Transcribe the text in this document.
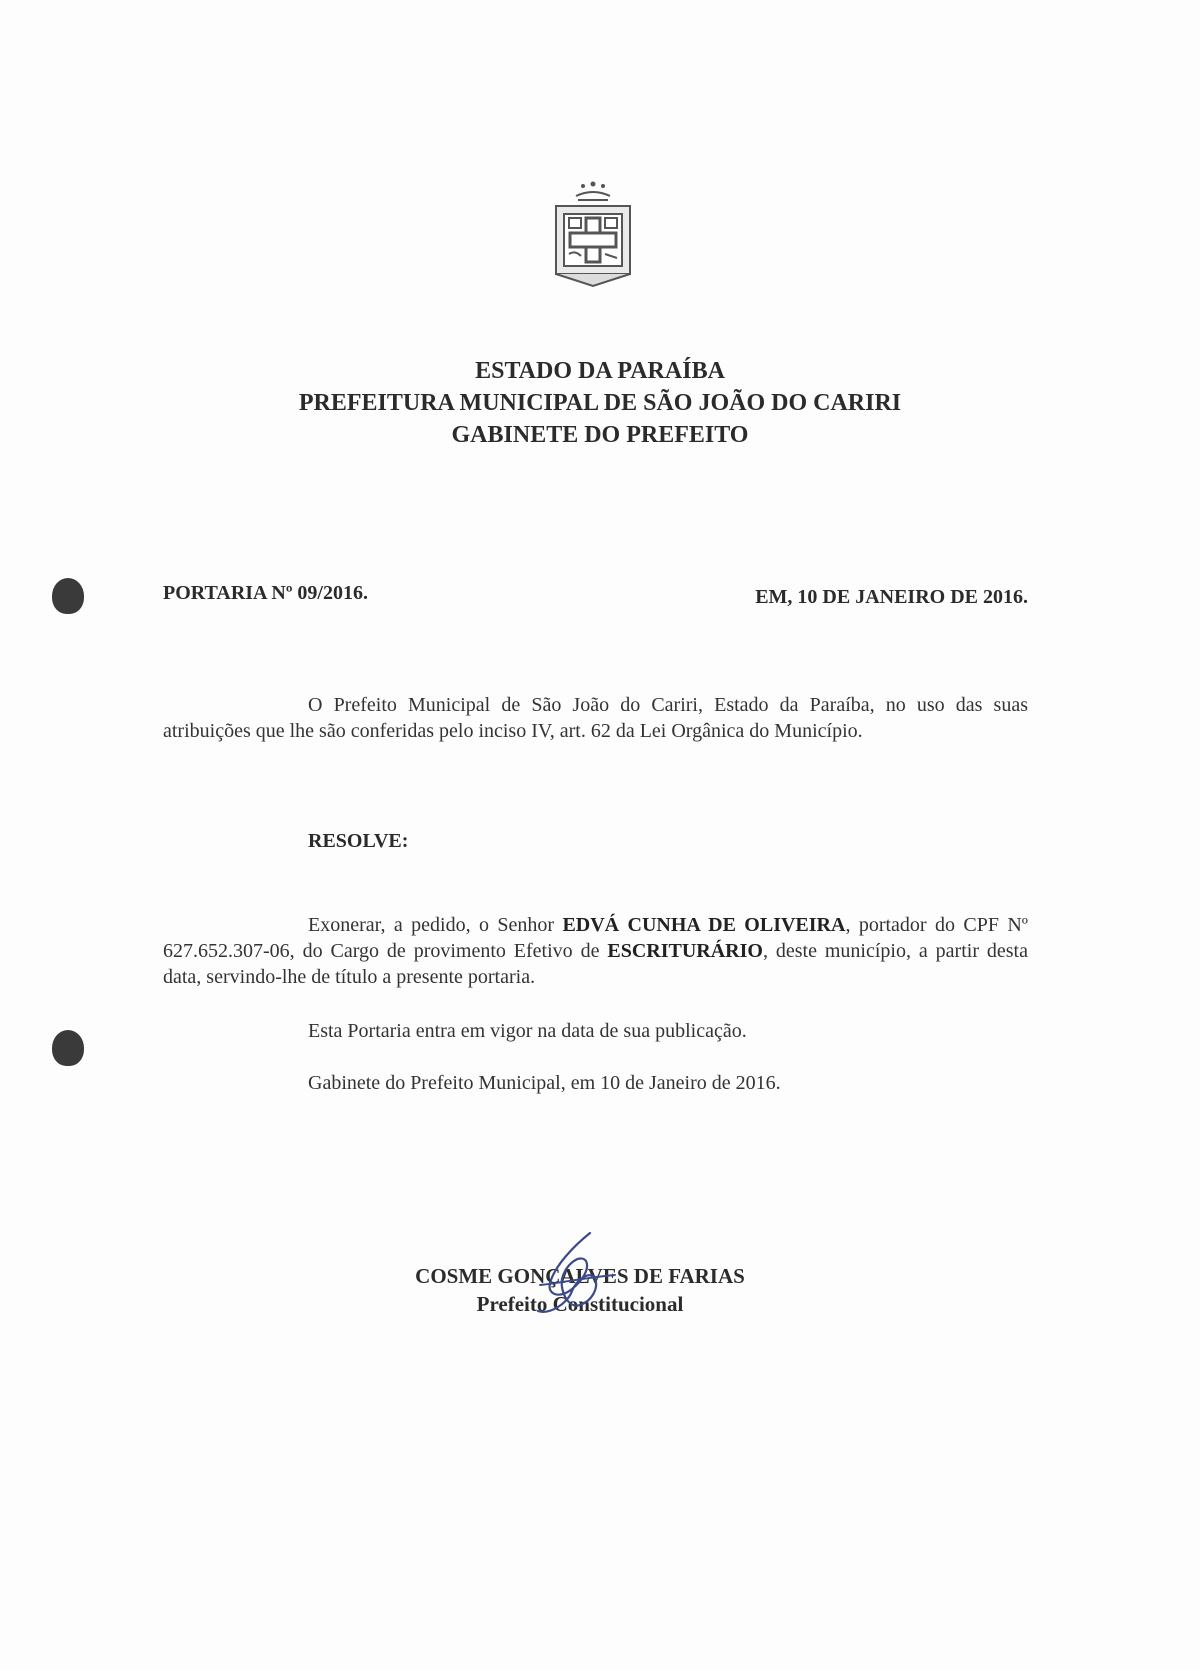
ESTADO DA PARAÍBA
PREFEITURA MUNICIPAL DE SÃO JOÃO DO CARIRI
GABINETE DO PREFEITO
PORTARIA Nº 09/2016.	EM, 10 DE JANEIRO DE 2016.
O Prefeito Municipal de São João do Cariri, Estado da Paraíba, no uso das suas atribuições que lhe são conferidas pelo inciso IV, art. 62 da Lei Orgânica do Município.
RESOLVE:
Exonerar, a pedido, o Senhor EDVÁ CUNHA DE OLIVEIRA, portador do CPF Nº 627.652.307-06, do Cargo de provimento Efetivo de ESCRITURÁRIO, deste município, a partir desta data, servindo-lhe de título a presente portaria.
Esta Portaria entra em vigor na data de sua publicação.
Gabinete do Prefeito Municipal, em 10 de Janeiro de 2016.
COSME GONÇALVES DE FARIAS
Prefeito Constitucional
